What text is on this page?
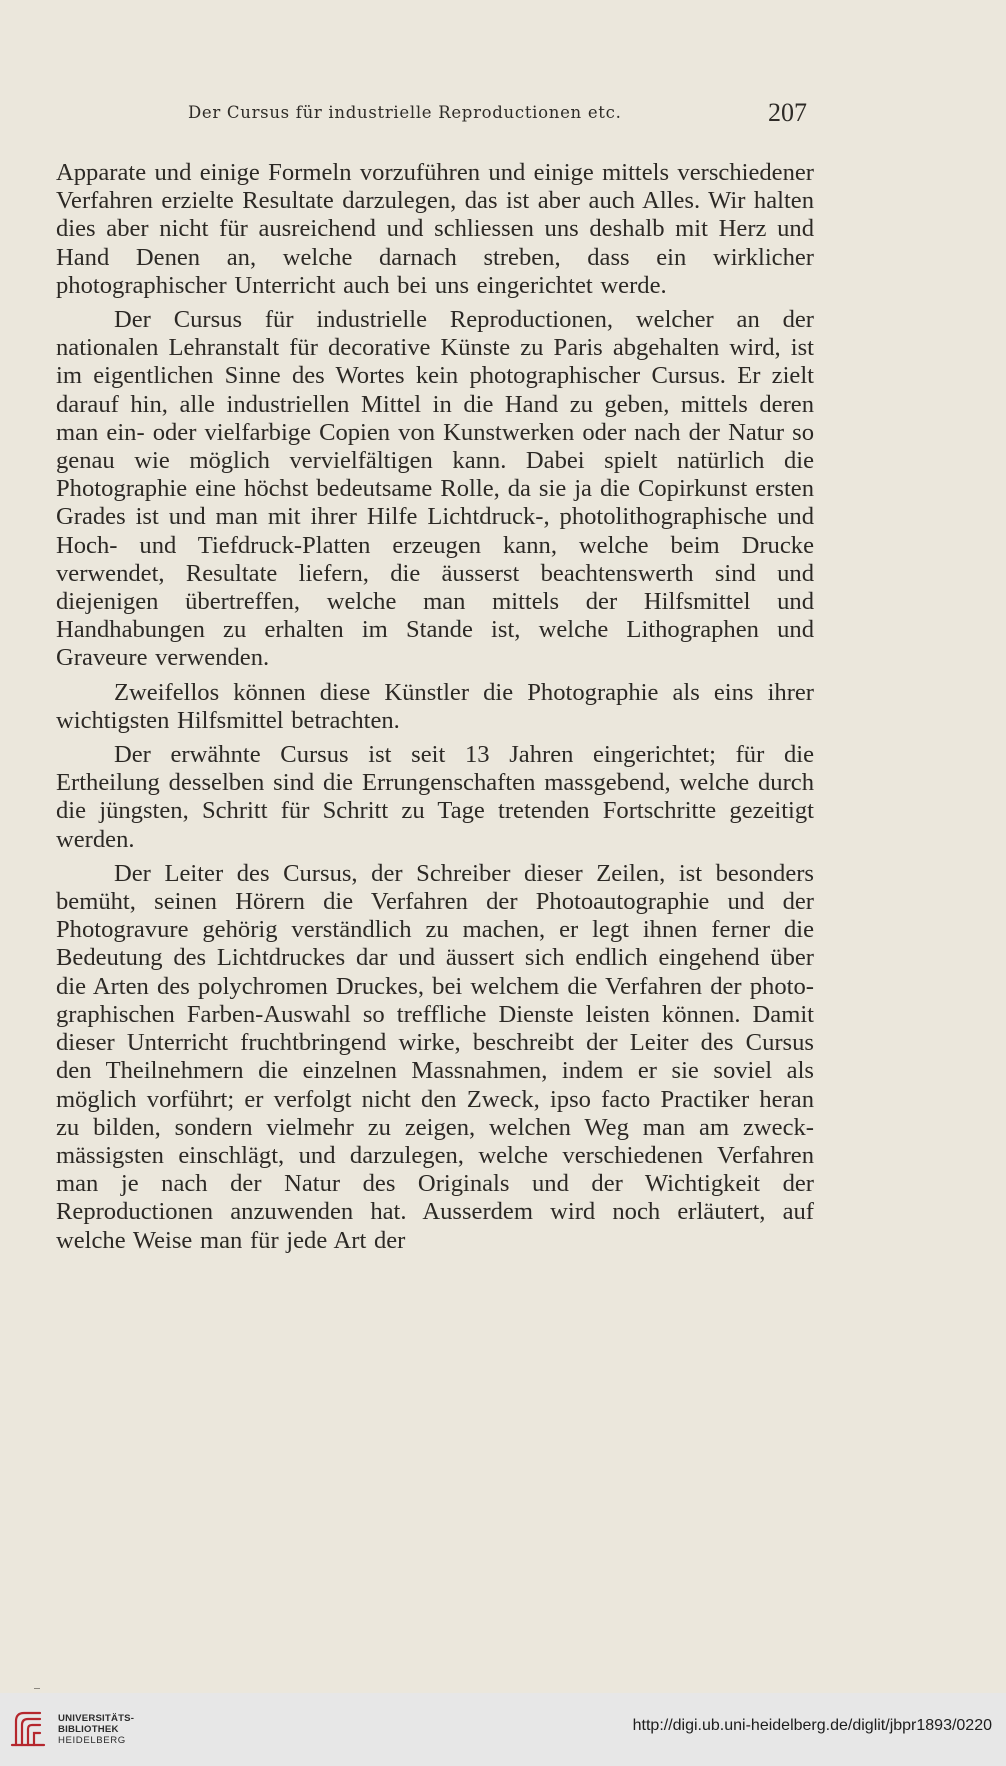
Der Cursus für industrielle Reproductionen etc.	207

Apparate und einige Formeln vorzuführen und einige mittels verschiedener Verfahren erzielte Resultate darzulegen, das ist aber auch Alles. Wir halten dies aber nicht für ausreichend und schliessen uns deshalb mit Herz und Hand Denen an, welche darnach streben, dass ein wirklicher photographischer Unterricht auch bei uns eingerichtet werde.

Der Cursus für industrielle Reproductionen, welcher an der nationalen Lehranstalt für decorative Künste zu Paris abgehalten wird, ist im eigentlichen Sinne des Wortes kein photographischer Cursus. Er zielt darauf hin, alle industriellen Mittel in die Hand zu geben, mittels deren man ein- oder vielfarbige Copien von Kunstwerken oder nach der Natur so genau wie möglich vervielfältigen kann. Dabei spielt natürlich die Photographie eine höchst bedeutsame Rolle, da sie ja die Copirkunst ersten Grades ist und man mit ihrer Hilfe Lichtdruck-, photolithographische und Hoch- und Tiefdruck-Platten erzeugen kann, welche beim Drucke verwendet, Resultate liefern, die äusserst beachtenswerth sind und diejenigen übertreffen, welche man mittels der Hilfsmittel und Handhabungen zu erhalten im Stande ist, welche Lithographen und Graveure verwenden.

Zweifellos können diese Künstler die Photographie als eins ihrer wichtigsten Hilfsmittel betrachten.

Der erwähnte Cursus ist seit 13 Jahren eingerichtet; für die Ertheilung desselben sind die Errungenschaften massgebend, welche durch die jüngsten, Schritt für Schritt zu Tage tretenden Fortschritte gezeitigt werden.

Der Leiter des Cursus, der Schreiber dieser Zeilen, ist besonders bemüht, seinen Hörern die Verfahren der Photoautographie und der Photogravure gehörig verständlich zu machen, er legt ihnen ferner die Bedeutung des Lichtdruckes dar und äussert sich endlich eingehend über die Arten des polychromen Druckes, bei welchem die Verfahren der photographischen Farben-Auswahl so treffliche Dienste leisten können. Damit dieser Unterricht fruchtbringend wirke, beschreibt der Leiter des Cursus den Theilnehmern die einzelnen Massnahmen, indem er sie soviel als möglich vorführt; er verfolgt nicht den Zweck, ipso facto Practiker heran zu bilden, sondern vielmehr zu zeigen, welchen Weg man am zweckmässigsten einschlägt, und darzulegen, welche verschiedenen Verfahren man je nach der Natur des Originals und der Wichtigkeit der Reproductionen anzuwenden hat. Ausserdem wird noch erläutert, auf welche Weise man für jede Art der

UNIVERSITÄTS-
BIBLIOTHEK
HEIDELBERG
http://digi.ub.uni-heidelberg.de/diglit/jbpr1893/0220
